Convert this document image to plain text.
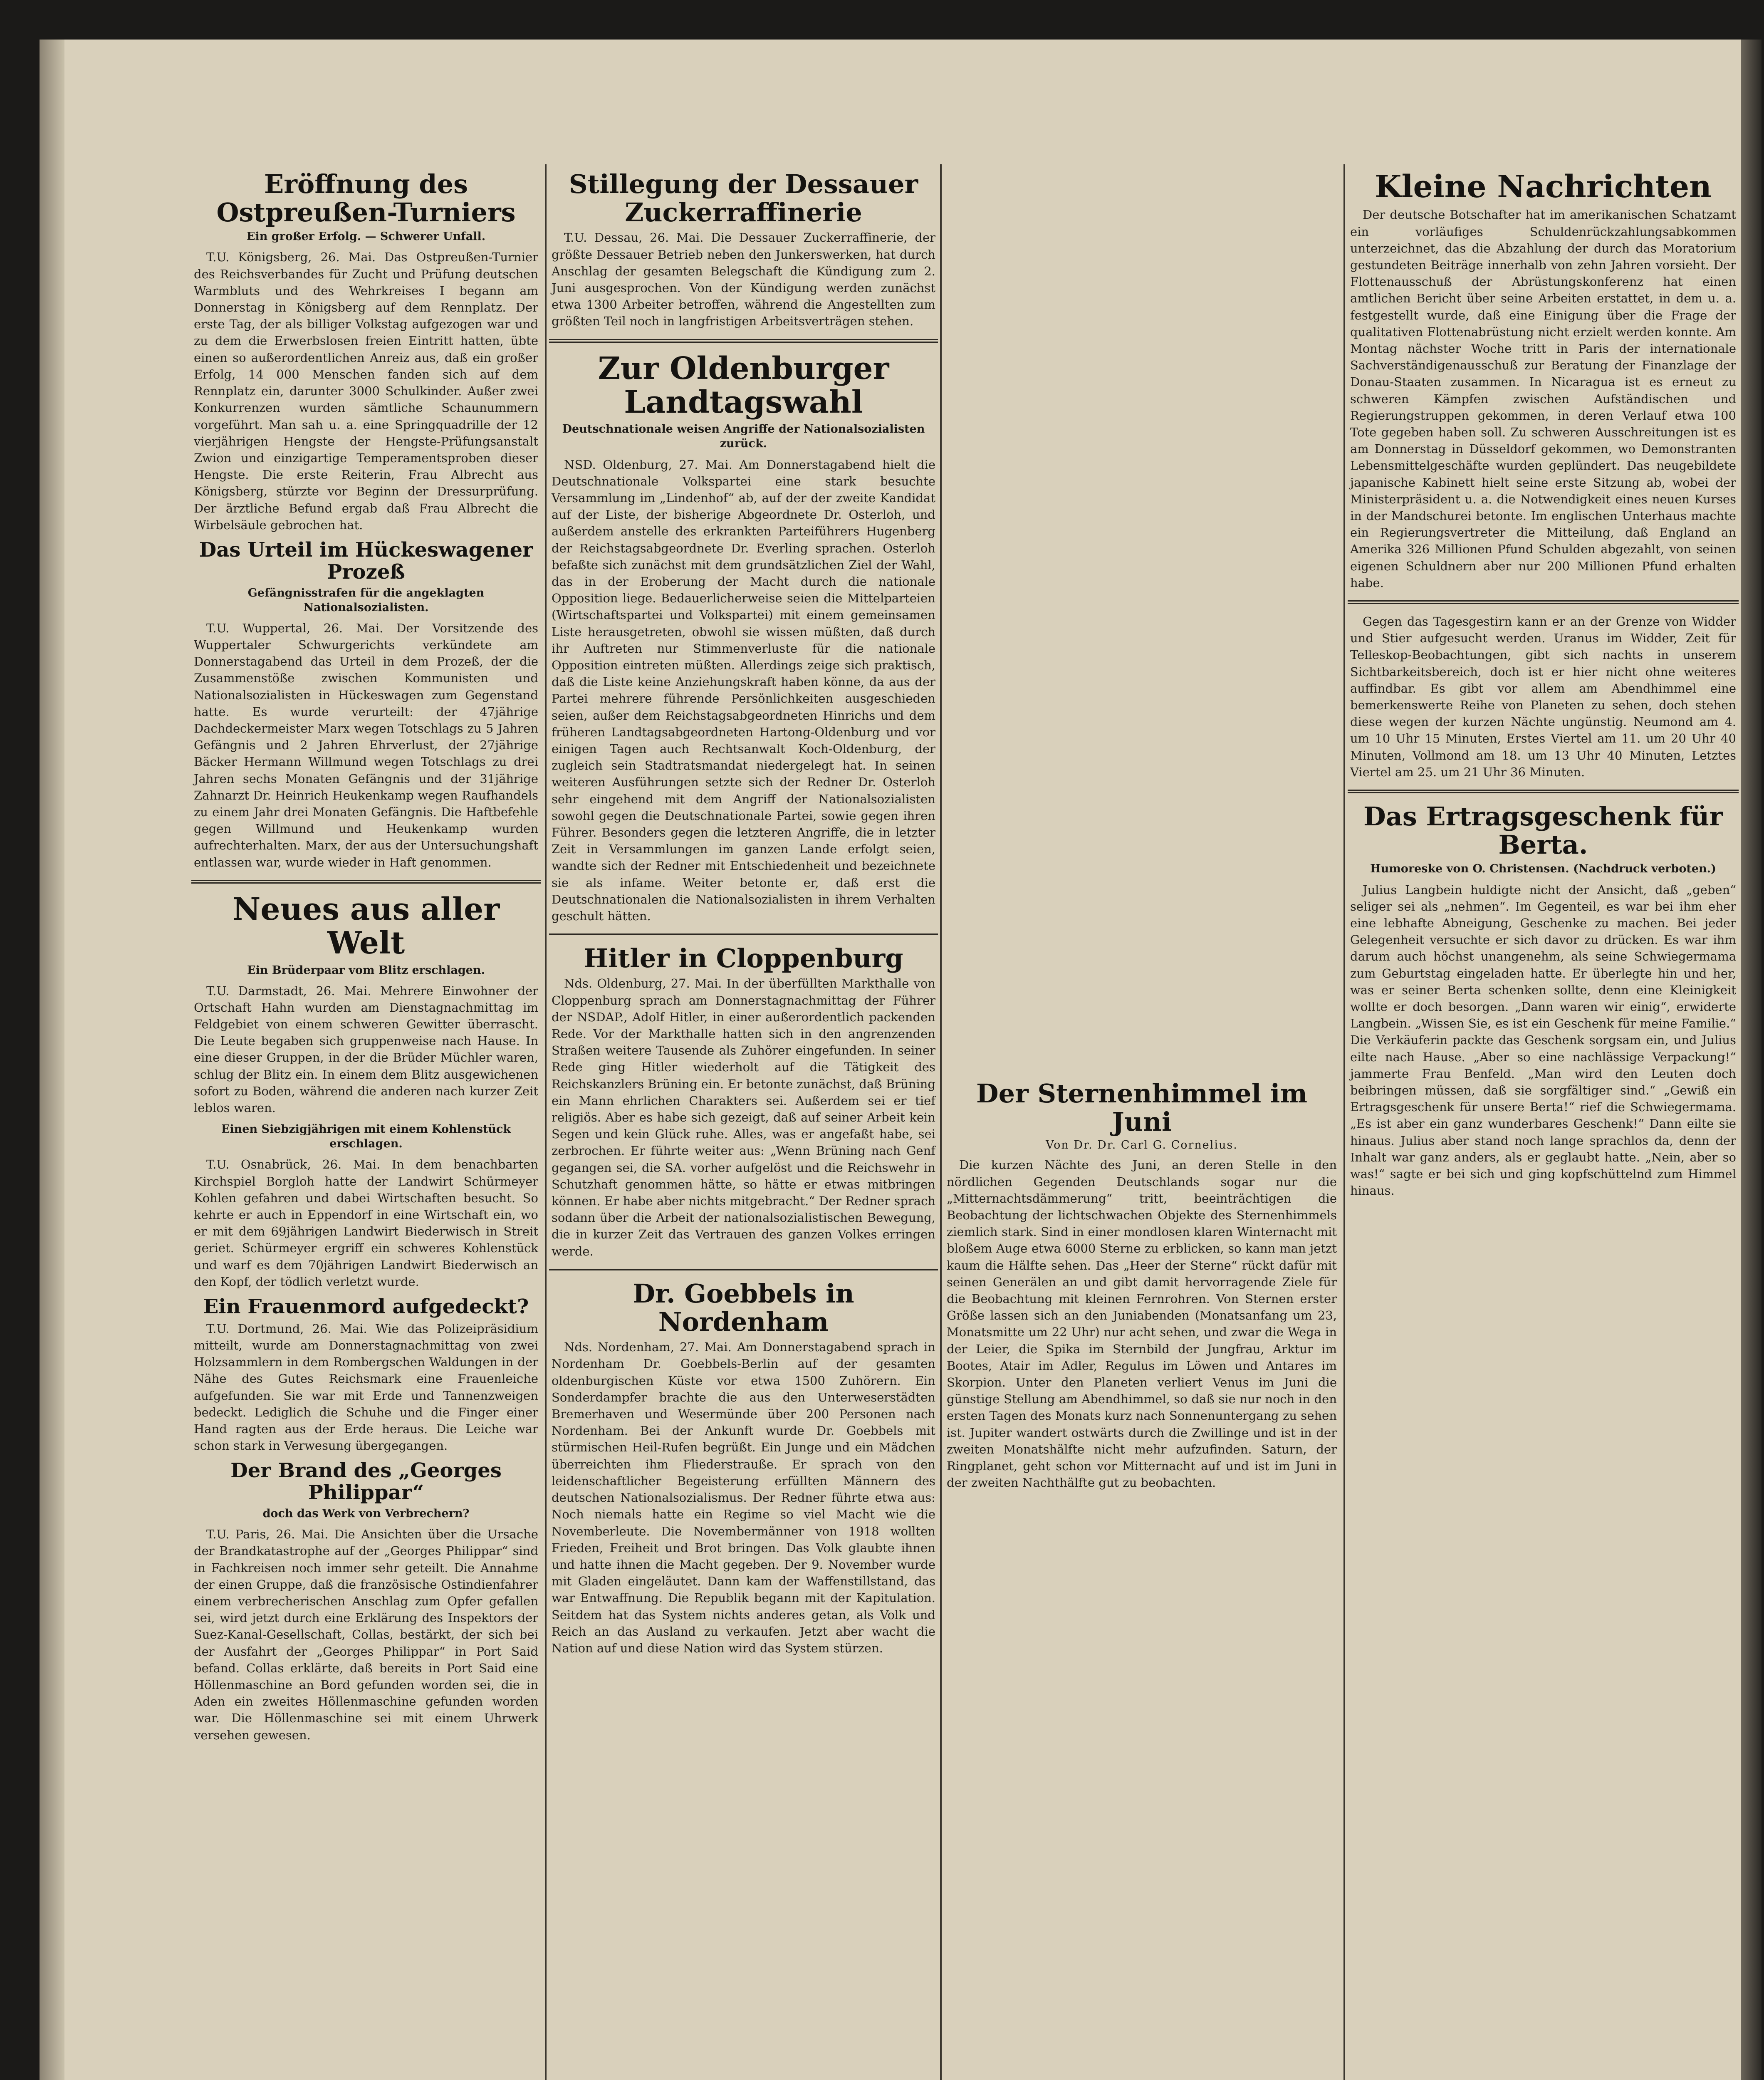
Eröffnung des Ostpreußen-Turniers
Ein großer Erfolg. — Schwerer Unfall.
T.U. Königsberg, 26. Mai. Das Ostpreußen-Turnier des Reichsverbandes für Zucht und Prüfung deutschen Warmbluts und des Wehrkreises I begann am Donnerstag in Königsberg auf dem Rennplatz. Der erste Tag, der als billiger Volkstag aufgezogen war und zu dem die Erwerbslosen freien Eintritt hatten, übte einen so außerordentlichen Anreiz aus, daß ein großer Erfolg, 14 000 Menschen fanden sich auf dem Rennplatz ein, darunter 3000 Schulkinder. Außer zwei Konkurrenzen wurden sämtliche Schaunummern vorgeführt. Man sah u. a. eine Springquadrille der 12 vierjährigen Hengste der Hengste-Prüfungsanstalt Zwion und einzigartige Temperamentsproben dieser Hengste. Die erste Reiterin, Frau Albrecht aus Königsberg, stürzte vor Beginn der Dressurprüfung. Der ärztliche Befund ergab daß Frau Albrecht die Wirbelsäule gebrochen hat.
Das Urteil im Hückeswagener Prozeß
Gefängnisstrafen für die angeklagten Nationalsozialisten.
T.U. Wuppertal, 26. Mai. Der Vorsitzende des Wuppertaler Schwurgerichts verkündete am Donnerstagabend das Urteil in dem Prozeß, der die Zusammenstöße zwischen Kommunisten und Nationalsozialisten in Hückeswagen zum Gegenstand hatte. Es wurde verurteilt: der 47jährige Dachdeckermeister Marx wegen Totschlags zu 5 Jahren Gefängnis und 2 Jahren Ehrverlust, der 27jährige Bäcker Hermann Willmund wegen Totschlags zu drei Jahren sechs Monaten Gefängnis und der 31jährige Zahnarzt Dr. Heinrich Heukenkamp wegen Raufhandels zu einem Jahr drei Monaten Gefängnis. Die Haftbefehle gegen Willmund und Heukenkamp wurden aufrechterhalten. Marx, der aus der Untersuchungshaft entlassen war, wurde wieder in Haft genommen.
Neues aus aller Welt
Ein Brüderpaar vom Blitz erschlagen.
T.U. Darmstadt, 26. Mai. Mehrere Einwohner der Ortschaft Hahn wurden am Dienstagnachmittag im Feldgebiet von einem schweren Gewitter überrascht. Die Leute begaben sich gruppenweise nach Hause. In eine dieser Gruppen, in der die Brüder Müchler waren, schlug der Blitz ein. In einem dem Blitz ausgewichenen sofort zu Boden, während die anderen nach kurzer Zeit leblos waren.
Einen Siebzigjährigen mit einem Kohlenstück erschlagen.
T.U. Osnabrück, 26. Mai. In dem benachbarten Kirchspiel Borgloh hatte der Landwirt Schürmeyer Kohlen gefahren und dabei Wirtschaften besucht. So kehrte er auch in Eppendorf in eine Wirtschaft ein, wo er mit dem 69jährigen Landwirt Biederwisch in Streit geriet. Schürmeyer ergriff ein schweres Kohlenstück und warf es dem 70jährigen Landwirt Biederwisch an den Kopf, der tödlich verletzt wurde.
Ein Frauenmord aufgedeckt?
T.U. Dortmund, 26. Mai. Wie das Polizeipräsidium mitteilt, wurde am Donnerstagnachmittag von zwei Holzsammlern in dem Rombergschen Waldungen in der Nähe des Gutes Reichsmark eine Frauenleiche aufgefunden. Sie war mit Erde und Tannenzweigen bedeckt. Lediglich die Schuhe und die Finger einer Hand ragten aus der Erde heraus. Die Leiche war schon stark in Verwesung übergegangen.
Der Brand des „Georges Philippar“
doch das Werk von Verbrechern?
T.U. Paris, 26. Mai. Die Ansichten über die Ursache der Brandkatastrophe auf der „Georges Philippar“ sind in Fachkreisen noch immer sehr geteilt. Die Annahme der einen Gruppe, daß die französische Ostindienfahrer einem verbrecherischen Anschlag zum Opfer gefallen sei, wird jetzt durch eine Erklärung des Inspektors der Suez-Kanal-Gesellschaft, Collas, bestärkt, der sich bei der Ausfahrt der „Georges Philippar“ in Port Said befand. Collas erklärte, daß bereits in Port Said eine Höllenmaschine an Bord gefunden worden sei, die in Aden ein zweites Höllenmaschine gefunden worden war. Die Höllenmaschine sei mit einem Uhrwerk versehen gewesen.
Stillegung der Dessauer Zuckerraffinerie
T.U. Dessau, 26. Mai. Die Dessauer Zuckerraffinerie, der größte Dessauer Betrieb neben den Junkerswerken, hat durch Anschlag der gesamten Belegschaft die Kündigung zum 2. Juni ausgesprochen. Von der Kündigung werden zunächst etwa 1300 Arbeiter betroffen, während die Angestellten zum größten Teil noch in langfristigen Arbeitsverträgen stehen.
Zur Oldenburger Landtagswahl
Deutschnationale weisen Angriffe der Nationalsozialisten zurück.
NSD. Oldenburg, 27. Mai. Am Donnerstagabend hielt die Deutschnationale Volkspartei eine stark besuchte Versammlung im „Lindenhof“ ab, auf der der zweite Kandidat auf der Liste, der bisherige Abgeordnete Dr. Osterloh, und außerdem anstelle des erkrankten Parteiführers Hugenberg der Reichstagsabgeordnete Dr. Everling sprachen. Osterloh befaßte sich zunächst mit dem grundsätzlichen Ziel der Wahl, das in der Eroberung der Macht durch die nationale Opposition liege. Bedauerlicherweise seien die Mittelparteien (Wirtschaftspartei und Volkspartei) mit einem gemeinsamen Liste herausgetreten, obwohl sie wissen müßten, daß durch ihr Auftreten nur Stimmenverluste für die nationale Opposition eintreten müßten. Allerdings zeige sich praktisch, daß die Liste keine Anziehungskraft haben könne, da aus der Partei mehrere führende Persönlichkeiten ausgeschieden seien, außer dem Reichstagsabgeordneten Hinrichs und dem früheren Landtagsabgeordneten Hartong-Oldenburg und vor einigen Tagen auch Rechtsanwalt Koch-Oldenburg, der zugleich sein Stadtratsmandat niedergelegt hat. In seinen weiteren Ausführungen setzte sich der Redner Dr. Osterloh sehr eingehend mit dem Angriff der Nationalsozialisten sowohl gegen die Deutschnationale Partei, sowie gegen ihren Führer. Besonders gegen die letzteren Angriffe, die in letzter Zeit in Versammlungen im ganzen Lande erfolgt seien, wandte sich der Redner mit Entschiedenheit und bezeichnete sie als infame. Weiter betonte er, daß erst die Deutschnationalen die Nationalsozialisten in ihrem Verhalten geschult hätten.
Hitler in Cloppenburg
Nds. Oldenburg, 27. Mai. In der überfüllten Markthalle von Cloppenburg sprach am Donnerstagnachmittag der Führer der NSDAP., Adolf Hitler, in einer außerordentlich packenden Rede. Vor der Markthalle hatten sich in den angrenzenden Straßen weitere Tausende als Zuhörer eingefunden. In seiner Rede ging Hitler wiederholt auf die Tätigkeit des Reichskanzlers Brüning ein. Er betonte zunächst, daß Brüning ein Mann ehrlichen Charakters sei. Außerdem sei er tief religiös. Aber es habe sich gezeigt, daß auf seiner Arbeit kein Segen und kein Glück ruhe. Alles, was er angefaßt habe, sei zerbrochen. Er führte weiter aus: „Wenn Brüning nach Genf gegangen sei, die SA. vorher aufgelöst und die Reichswehr in Schutzhaft genommen hätte, so hätte er etwas mitbringen können. Er habe aber nichts mitgebracht.“ Der Redner sprach sodann über die Arbeit der nationalsozialistischen Bewegung, die in kurzer Zeit das Vertrauen des ganzen Volkes erringen werde.
Dr. Goebbels in Nordenham
Nds. Nordenham, 27. Mai. Am Donnerstagabend sprach in Nordenham Dr. Goebbels-Berlin auf der gesamten oldenburgischen Küste vor etwa 1500 Zuhörern. Ein Sonderdampfer brachte die aus den Unterweserstädten Bremerhaven und Wesermünde über 200 Personen nach Nordenham. Bei der Ankunft wurde Dr. Goebbels mit stürmischen Heil-Rufen begrüßt. Ein Junge und ein Mädchen überreichten ihm Fliederstrauße. Er sprach von den leidenschaftlicher Begeisterung erfüllten Männern des deutschen Nationalsozialismus. Der Redner führte etwa aus: Noch niemals hatte ein Regime so viel Macht wie die Novemberleute. Die Novembermänner von 1918 wollten Frieden, Freiheit und Brot bringen. Das Volk glaubte ihnen und hatte ihnen die Macht gegeben. Der 9. November wurde mit Gladen eingeläutet. Dann kam der Waffenstillstand, das war Entwaffnung. Die Republik begann mit der Kapitulation. Seitdem hat das System nichts anderes getan, als Volk und Reich an das Ausland zu verkaufen. Jetzt aber wacht die Nation auf und diese Nation wird das System stürzen.
Der Sternenhimmel im Juni
Von Dr. Dr. Carl G. Cornelius.
Die kurzen Nächte des Juni, an deren Stelle in den nördlichen Gegenden Deutschlands sogar nur die „Mitternachtsdämmerung“ tritt, beeinträchtigen die Beobachtung der lichtschwachen Objekte des Sternenhimmels ziemlich stark. Sind in einer mondlosen klaren Winternacht mit bloßem Auge etwa 6000 Sterne zu erblicken, so kann man jetzt kaum die Hälfte sehen. Das „Heer der Sterne“ rückt dafür mit seinen Generälen an und gibt damit hervorragende Ziele für die Beobachtung mit kleinen Fernrohren. Von Sternen erster Größe lassen sich an den Juniabenden (Monatsanfang um 23, Monatsmitte um 22 Uhr) nur acht sehen, und zwar die Wega in der Leier, die Spika im Sternbild der Jungfrau, Arktur im Bootes, Atair im Adler, Regulus im Löwen und Antares im Skorpion. Unter den Planeten verliert Venus im Juni die günstige Stellung am Abendhimmel, so daß sie nur noch in den ersten Tagen des Monats kurz nach Sonnenuntergang zu sehen ist. Jupiter wandert ostwärts durch die Zwillinge und ist in der zweiten Monatshälfte nicht mehr aufzufinden. Saturn, der Ringplanet, geht schon vor Mitternacht auf und ist im Juni in der zweiten Nachthälfte gut zu beobachten.
Kleine Nachrichten
Der deutsche Botschafter hat im amerikanischen Schatzamt ein vorläufiges Schuldenrückzahlungsabkommen unterzeichnet, das die Abzahlung der durch das Moratorium gestundeten Beiträge innerhalb von zehn Jahren vorsieht. Der Flottenausschuß der Abrüstungskonferenz hat einen amtlichen Bericht über seine Arbeiten erstattet, in dem u. a. festgestellt wurde, daß eine Einigung über die Frage der qualitativen Flottenabrüstung nicht erzielt werden konnte. Am Montag nächster Woche tritt in Paris der internationale Sachverständigenausschuß zur Beratung der Finanzlage der Donau-Staaten zusammen. In Nicaragua ist es erneut zu schweren Kämpfen zwischen Aufständischen und Regierungstruppen gekommen, in deren Verlauf etwa 100 Tote gegeben haben soll. Zu schweren Ausschreitungen ist es am Donnerstag in Düsseldorf gekommen, wo Demonstranten Lebensmittelgeschäfte wurden geplündert. Das neugebildete japanische Kabinett hielt seine erste Sitzung ab, wobei der Ministerpräsident u. a. die Notwendigkeit eines neuen Kurses in der Mandschurei betonte. Im englischen Unterhaus machte ein Regierungsvertreter die Mitteilung, daß England an Amerika 326 Millionen Pfund Schulden abgezahlt, von seinen eigenen Schuldnern aber nur 200 Millionen Pfund erhalten habe.
Gegen das Tagesgestirn kann er an der Grenze von Widder und Stier aufgesucht werden. Uranus im Widder, Zeit für Telleskop-Beobachtungen, gibt sich nachts in unserem Sichtbarkeitsbereich, doch ist er hier nicht ohne weiteres auffindbar. Es gibt vor allem am Abendhimmel eine bemerkenswerte Reihe von Planeten zu sehen, doch stehen diese wegen der kurzen Nächte ungünstig. Neumond am 4. um 10 Uhr 15 Minuten, Erstes Viertel am 11. um 20 Uhr 40 Minuten, Vollmond am 18. um 13 Uhr 40 Minuten, Letztes Viertel am 25. um 21 Uhr 36 Minuten.
Das Ertragsgeschenk für Berta.
Humoreske von O. Christensen. (Nachdruck verboten.)
Julius Langbein huldigte nicht der Ansicht, daß „geben“ seliger sei als „nehmen“. Im Gegenteil, es war bei ihm eher eine lebhafte Abneigung, Geschenke zu machen. Bei jeder Gelegenheit versuchte er sich davor zu drücken. Es war ihm darum auch höchst unangenehm, als seine Schwiegermama zum Geburtstag eingeladen hatte. Er überlegte hin und her, was er seiner Berta schenken sollte, denn eine Kleinigkeit wollte er doch besorgen. „Dann waren wir einig“, erwiderte Langbein. „Wissen Sie, es ist ein Geschenk für meine Familie.“ Die Verkäuferin packte das Geschenk sorgsam ein, und Julius eilte nach Hause. „Aber so eine nachlässige Verpackung!“ jammerte Frau Benfeld. „Man wird den Leuten doch beibringen müssen, daß sie sorgfältiger sind.“ „Gewiß ein Ertragsgeschenk für unsere Berta!“ rief die Schwiegermama. „Es ist aber ein ganz wunderbares Geschenk!“ Dann eilte sie hinaus. Julius aber stand noch lange sprachlos da, denn der Inhalt war ganz anders, als er geglaubt hatte. „Nein, aber so was!“ sagte er bei sich und ging kopfschüttelnd zum Himmel hinaus.
